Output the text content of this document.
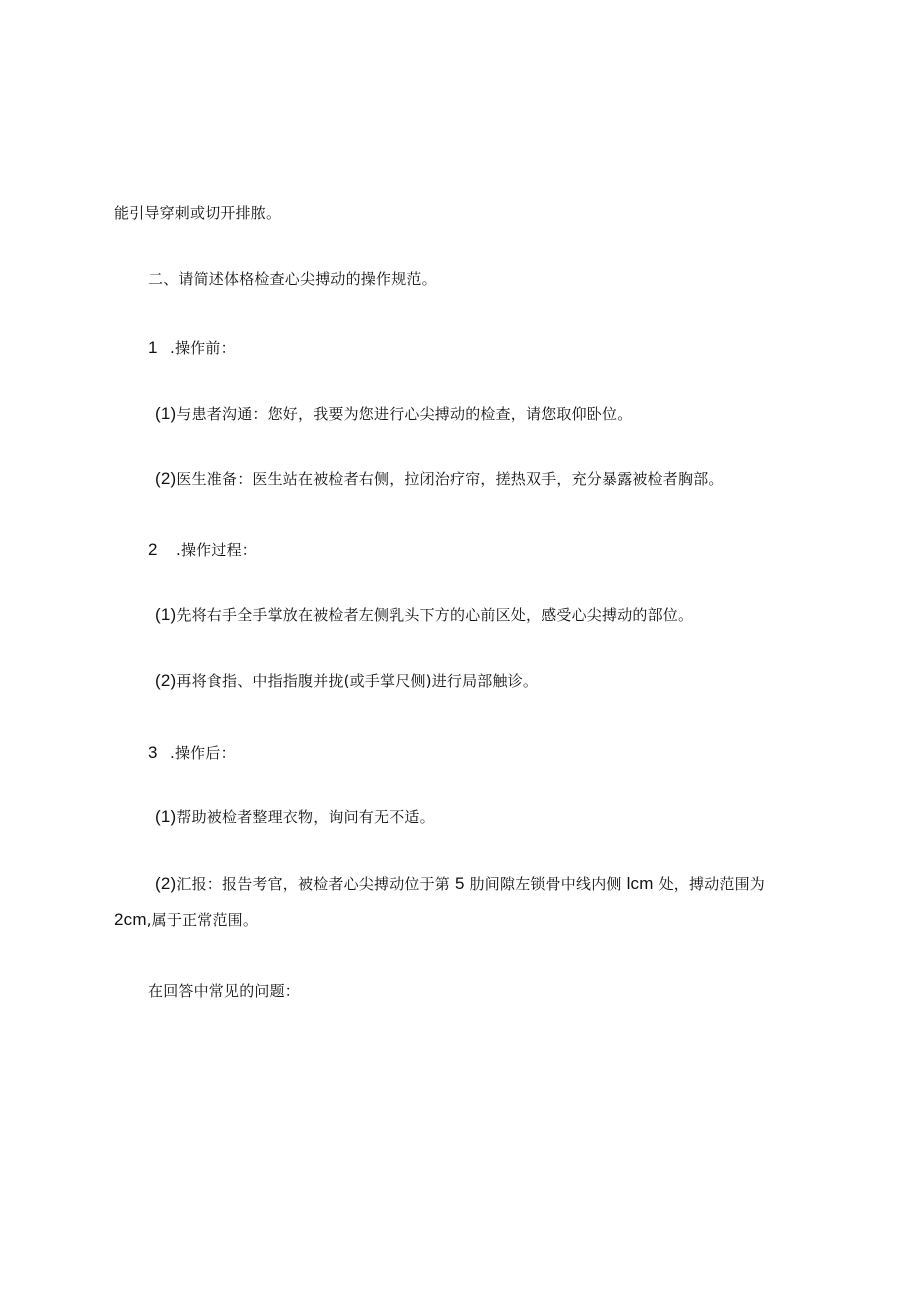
能引导穿刺或切开排脓。
二、请简述体格检查心尖搏动的操作规范。
1 .操作前：
(1)与患者沟通：您好，我要为您进行心尖搏动的检查，请您取仰卧位。
(2)医生准备：医生站在被检者右侧，拉闭治疗帘，搓热双手，充分暴露被检者胸部。
2 .操作过程：
(1)先将右手全手掌放在被检者左侧乳头下方的心前区处，感受心尖搏动的部位。
(2)再将食指、中指指腹并拢(或手掌尺侧)进行局部触诊。
3 .操作后：
(1)帮助被检者整理衣物，询问有无不适。
(2)汇报：报告考官，被检者心尖搏动位于第 5 肋间隙左锁骨中线内侧 lcm 处，搏动范围为
2cm,属于正常范围。
在回答中常见的问题：
